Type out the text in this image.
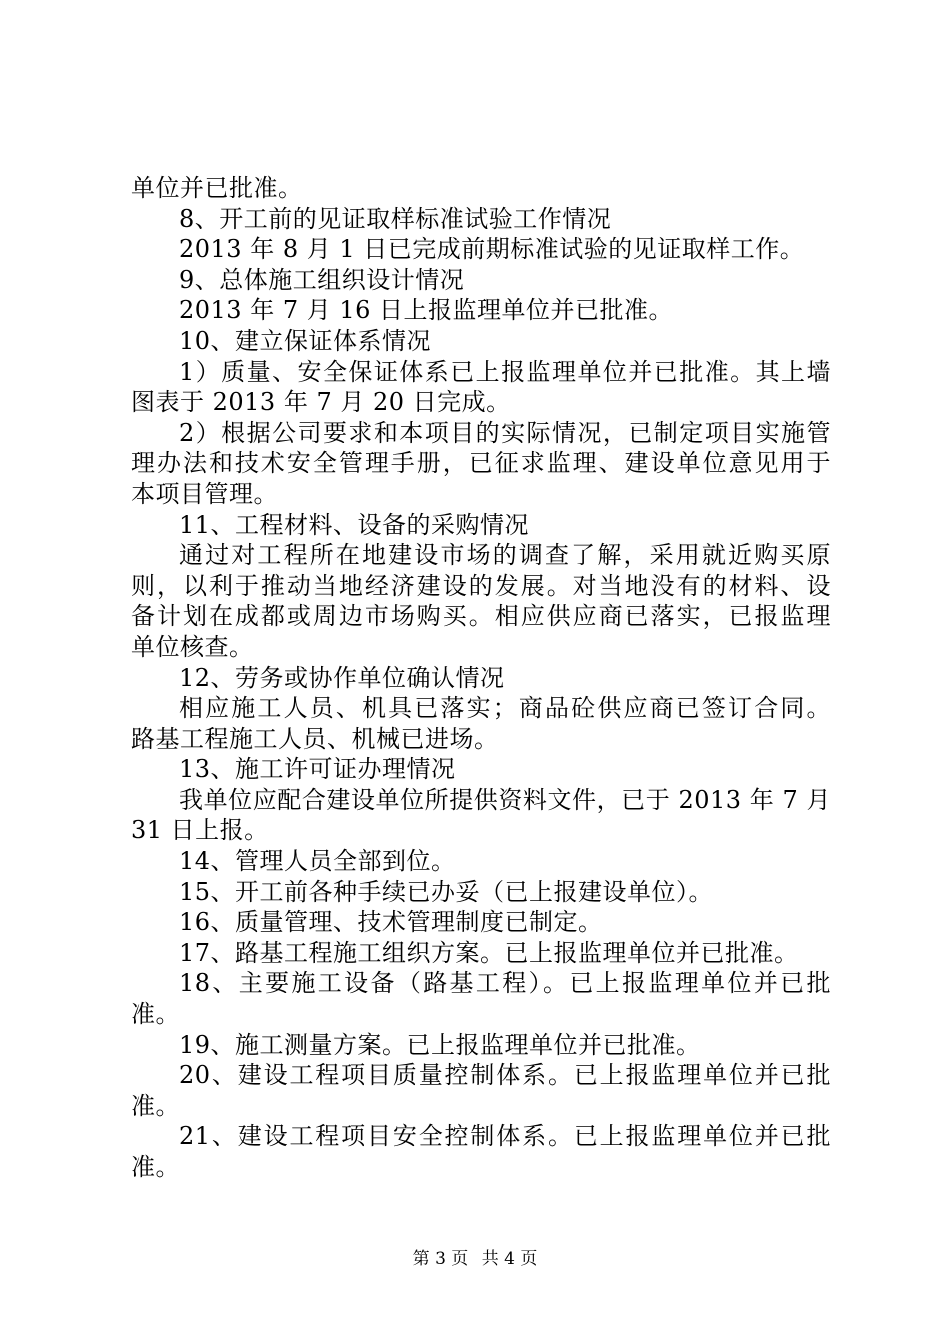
单位并已批准。
8、开工前的见证取样标准试验工作情况
2013 年 8 月 1 日已完成前期标准试验的见证取样工作。
9、总体施工组织设计情况
2013 年 7 月 16 日上报监理单位并已批准。
10、建立保证体系情况
1）质量、安全保证体系已上报监理单位并已批准。其上墙
图表于 2013 年 7 月 20 日完成。
2）根据公司要求和本项目的实际情况，已制定项目实施管
理办法和技术安全管理手册，已征求监理、建设单位意见用于
本项目管理。
11、工程材料、设备的采购情况
通过对工程所在地建设市场的调查了解，采用就近购买原
则，以利于推动当地经济建设的发展。对当地没有的材料、设
备计划在成都或周边市场购买。相应供应商已落实，已报监理
单位核查。
12、劳务或协作单位确认情况
相应施工人员、机具已落实；商品砼供应商已签订合同。
路基工程施工人员、机械已进场。
13、施工许可证办理情况
我单位应配合建设单位所提供资料文件，已于 2013 年 7 月
31 日上报。
14、管理人员全部到位。
15、开工前各种手续已办妥（已上报建设单位）。
16、质量管理、技术管理制度已制定。
17、路基工程施工组织方案。已上报监理单位并已批准。
18、主要施工设备（路基工程）。已上报监理单位并已批
准。
19、施工测量方案。已上报监理单位并已批准。
20、建设工程项目质量控制体系。已上报监理单位并已批
准。
21、建设工程项目安全控制体系。已上报监理单位并已批
准。
第 3 页 共 4 页
